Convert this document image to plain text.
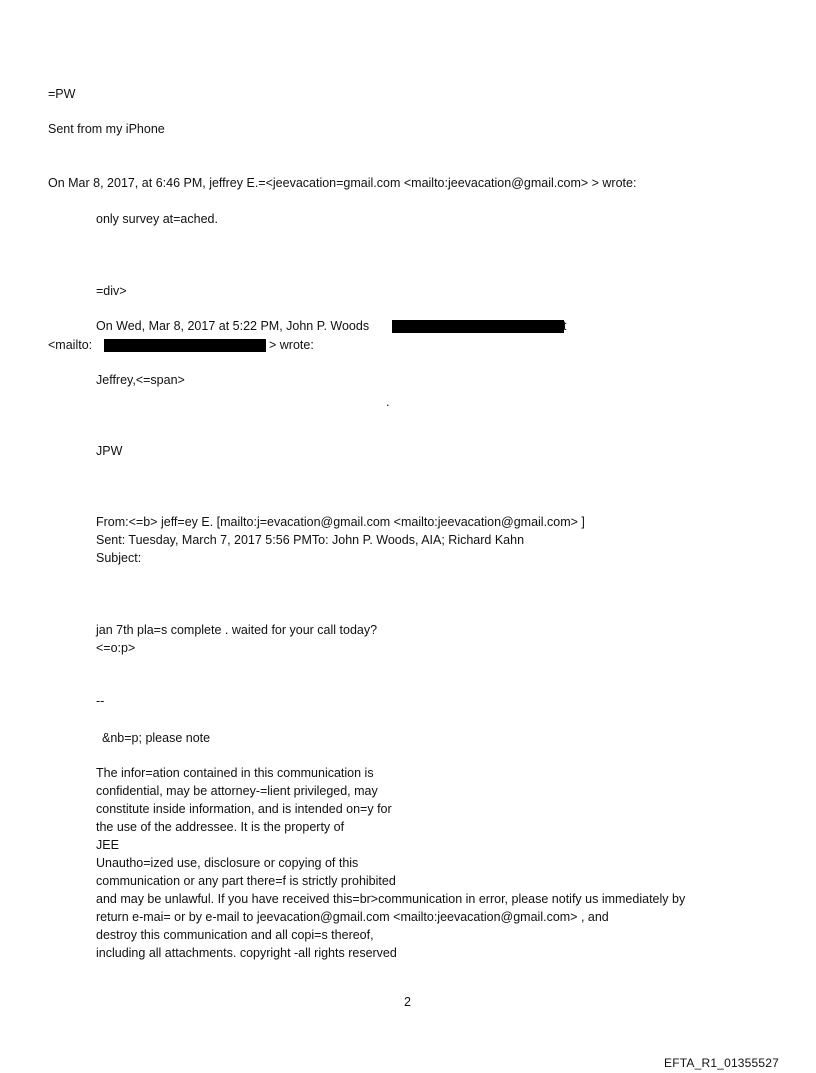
=PW
Sent from my iPhone
On Mar 8, 2017, at 6:46 PM, jeffrey E.=<jeevacation=gmail.com <mailto:jeevacation@gmail.com> > wrote:
only survey at=ached.
=div>
On Wed, Mar 8, 2017 at 5:22 PM, John P. Woods	t
<mailto:	> wrote:
Jeffrey,<=span>
.
JPW
From:<=b> jeff=ey E. [mailto:j=evacation@gmail.com <mailto:jeevacation@gmail.com> ]
Sent: Tuesday, March 7, 2017 5:56 PMTo: John P. Woods, AIA; Richard Kahn
Subject:
jan 7th pla=s complete . waited for your call today?
<=o:p>
--
&nb=p; please note
The infor=ation contained in this communication is
confidential, may be attorney-=lient privileged, may
constitute inside information, and is intended on=y for
the use of the addressee. It is the property of
JEE
Unautho=ized use, disclosure or copying of this
communication or any part there=f is strictly prohibited
and may be unlawful. If you have received this=br>communication in error, please notify us immediately by
return e-mai= or by e-mail to jeevacation@gmail.com <mailto:jeevacation@gmail.com> , and
destroy this communication and all copi=s thereof,
including all attachments. copyright -all rights reserved
2
EFTA_R1_01355527
